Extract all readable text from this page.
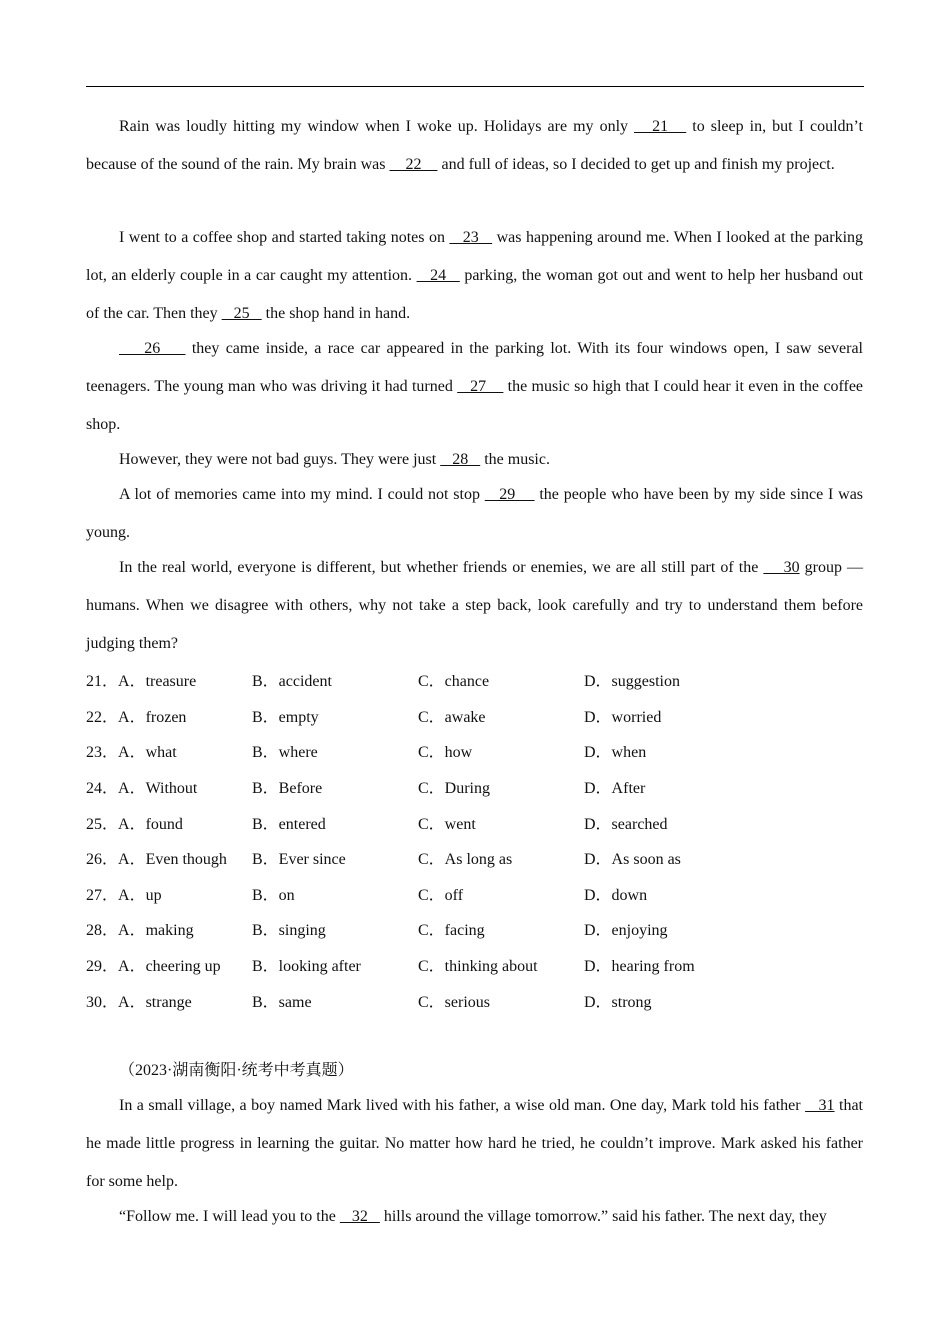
Rain was loudly hitting my window when I woke up. Holidays are my only    21    to sleep in, but I couldn’t because of the sound of the rain. My brain was     22     and full of ideas, so I decided to get up and finish my project.

I went to a coffee shop and started taking notes on    23    was happening around me. When I looked at the parking lot, an elderly couple in a car caught my attention.    24    parking, the woman got out and went to help her husband out of the car. Then they    25    the shop hand in hand.

26     they came inside, a race car appeared in the parking lot. With its four windows open, I saw several teenagers. The young man who was driving it had turned    27     the music so high that I could hear it even in the coffee shop.

However, they were not bad guys. They were just    28    the music.

A lot of memories came into my mind. I could not stop    29     the people who have been by my side since I was young.

In the real world, everyone is different, but whether friends or enemies, we are all still part of the     30 group — humans. When we disagree with others, why not take a step back, look carefully and try to understand them before judging them?

21．A．treasure	B．accident	C．chance	D．suggestion
22．A．frozen	B．empty	C．awake	D．worried
23．A．what	B．where	C．how	D．when
24．A．Without	B．Before	C．During	D．After
25．A．found	B．entered	C．went	D．searched
26．A．Even though	B．Ever since	C．As long as	D．As soon as
27．A．up	B．on	C．off	D．down
28．A．making	B．singing	C．facing	D．enjoying
29．A．cheering up	B．looking after	C．thinking about	D．hearing from
30．A．strange	B．same	C．serious	D．strong
（2023·湖南衡阳·统考中考真题）

In a small village, a boy named Mark lived with his father, a wise old man. One day, Mark told his father    31 that he made little progress in learning the guitar. No matter how hard he tried, he couldn’t improve. Mark asked his father for some help.

“Follow me. I will lead you to the    32    hills around the village tomorrow.” said his father. The next day, they
